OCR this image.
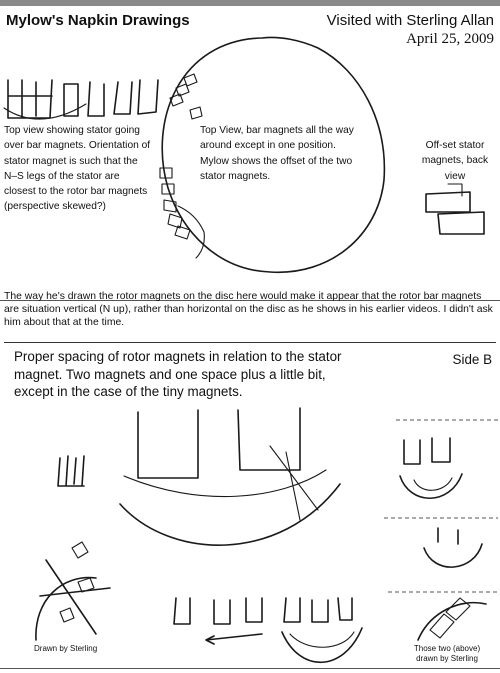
Mylow's Napkin Drawings	Visited with Sterling Allan
April 25, 2009
Top view showing stator going over bar magnets. Orientation of stator magnet is such that the N–S legs of the stator are closest to the rotor bar magnets (perspective skewed?)
Top View, bar magnets all the way around except in one position. Mylow shows the offset of the two stator magnets.
Off-set stator magnets, back view
The way he's drawn the rotor magnets on the disc here would make it appear that the rotor bar magnets are situation vertical (N up), rather than horizontal on the disc as he shows in his earlier videos. I didn't ask him about that at the time.
Proper spacing of rotor magnets in relation to the stator magnet. Two magnets and one space plus a little bit, except in the case of the tiny magnets.
Side B
Drawn by Sterling	Those two (above) drawn by Sterling
